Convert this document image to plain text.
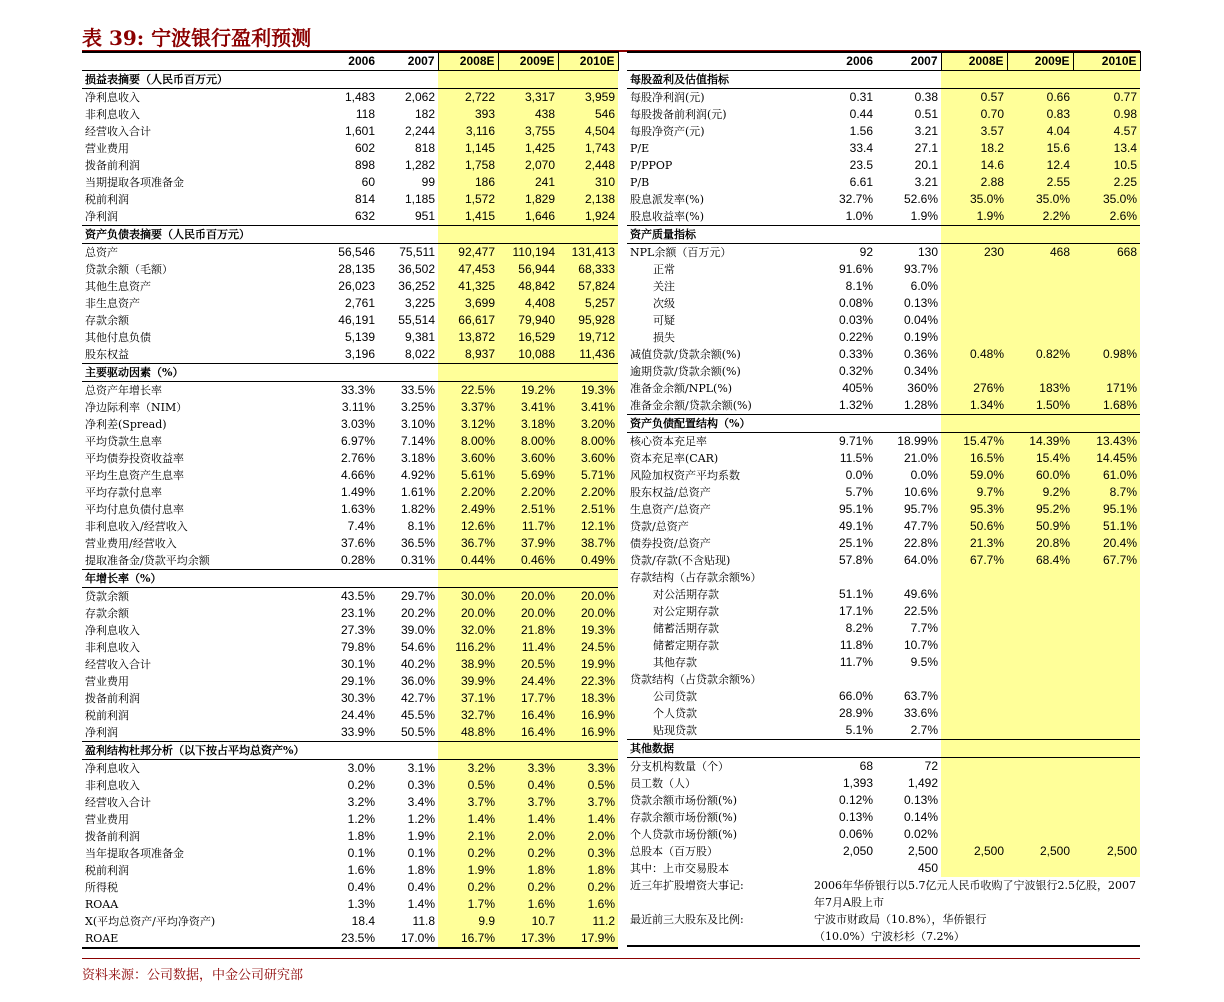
表 39: 宁波银行盈利预测
	2006	2007	2008E	2009E	2010E
损益表摘要（人民币百万元）					
净利息收入	1,483	2,062	2,722	3,317	3,959
非利息收入	118	182	393	438	546
经营收入合计	1,601	2,244	3,116	3,755	4,504
营业费用	602	818	1,145	1,425	1,743
拨备前利润	898	1,282	1,758	2,070	2,448
当期提取各项准备金	60	99	186	241	310
税前利润	814	1,185	1,572	1,829	2,138
净利润	632	951	1,415	1,646	1,924
资产负债表摘要（人民币百万元）					
总资产	56,546	75,511	92,477	110,194	131,413
贷款余额（毛额）	28,135	36,502	47,453	56,944	68,333
其他生息资产	26,023	36,252	41,325	48,842	57,824
非生息资产	2,761	3,225	3,699	4,408	5,257
存款余额	46,191	55,514	66,617	79,940	95,928
其他付息负债	5,139	9,381	13,872	16,529	19,712
股东权益	3,196	8,022	8,937	10,088	11,436
主要驱动因素（%）					
总资产年增长率	33.3%	33.5%	22.5%	19.2%	19.3%
净边际利率（NIM）	3.11%	3.25%	3.37%	3.41%	3.41%
净利差(Spread)	3.03%	3.10%	3.12%	3.18%	3.20%
平均贷款生息率	6.97%	7.14%	8.00%	8.00%	8.00%
平均债券投资收益率	2.76%	3.18%	3.60%	3.60%	3.60%
平均生息资产生息率	4.66%	4.92%	5.61%	5.69%	5.71%
平均存款付息率	1.49%	1.61%	2.20%	2.20%	2.20%
平均付息负债付息率	1.63%	1.82%	2.49%	2.51%	2.51%
非利息收入/经营收入	7.4%	8.1%	12.6%	11.7%	12.1%
营业费用/经营收入	37.6%	36.5%	36.7%	37.9%	38.7%
提取准备金/贷款平均余额	0.28%	0.31%	0.44%	0.46%	0.49%
年增长率（%）					
贷款余额	43.5%	29.7%	30.0%	20.0%	20.0%
存款余额	23.1%	20.2%	20.0%	20.0%	20.0%
净利息收入	27.3%	39.0%	32.0%	21.8%	19.3%
非利息收入	79.8%	54.6%	116.2%	11.4%	24.5%
经营收入合计	30.1%	40.2%	38.9%	20.5%	19.9%
营业费用	29.1%	36.0%	39.9%	24.4%	22.3%
拨备前利润	30.3%	42.7%	37.1%	17.7%	18.3%
税前利润	24.4%	45.5%	32.7%	16.4%	16.9%
净利润	33.9%	50.5%	48.8%	16.4%	16.9%
盈利结构杜邦分析（以下按占平均总资产%）					
净利息收入	3.0%	3.1%	3.2%	3.3%	3.3%
非利息收入	0.2%	0.3%	0.5%	0.4%	0.5%
经营收入合计	3.2%	3.4%	3.7%	3.7%	3.7%
营业费用	1.2%	1.2%	1.4%	1.4%	1.4%
拨备前利润	1.8%	1.9%	2.1%	2.0%	2.0%
当年提取各项准备金	0.1%	0.1%	0.2%	0.2%	0.3%
税前利润	1.6%	1.8%	1.9%	1.8%	1.8%
所得税	0.4%	0.4%	0.2%	0.2%	0.2%
ROAA	1.3%	1.4%	1.7%	1.6%	1.6%
X(平均总资产/平均净资产)	18.4	11.8	9.9	10.7	11.2
ROAE	23.5%	17.0%	16.7%	17.3%	17.9%
	2006	2007	2008E	2009E	2010E
每股盈利及估值指标					
每股净利润(元)	0.31	0.38	0.57	0.66	0.77
每股拨备前利润(元)	0.44	0.51	0.70	0.83	0.98
每股净资产(元)	1.56	3.21	3.57	4.04	4.57
P/E	33.4	27.1	18.2	15.6	13.4
P/PPOP	23.5	20.1	14.6	12.4	10.5
P/B	6.61	3.21	2.88	2.55	2.25
股息派发率(%)	32.7%	52.6%	35.0%	35.0%	35.0%
股息收益率(%)	1.0%	1.9%	1.9%	2.2%	2.6%
资产质量指标					
NPL余额（百万元）	92	130	230	468	668
正常	91.6%	93.7%			
关注	8.1%	6.0%			
次级	0.08%	0.13%			
可疑	0.03%	0.04%			
损失	0.22%	0.19%			
减值贷款/贷款余额(%)	0.33%	0.36%	0.48%	0.82%	0.98%
逾期贷款/贷款余额(%)	0.32%	0.34%			
准备金余额/NPL(%)	405%	360%	276%	183%	171%
准备金余额/贷款余额(%)	1.32%	1.28%	1.34%	1.50%	1.68%
资产负债配置结构（%）					
核心资本充足率	9.71%	18.99%	15.47%	14.39%	13.43%
资本充足率(CAR)	11.5%	21.0%	16.5%	15.4%	14.45%
风险加权资产平均系数	0.0%	0.0%	59.0%	60.0%	61.0%
股东权益/总资产	5.7%	10.6%	9.7%	9.2%	8.7%
生息资产/总资产	95.1%	95.7%	95.3%	95.2%	95.1%
贷款/总资产	49.1%	47.7%	50.6%	50.9%	51.1%
债券投资/总资产	25.1%	22.8%	21.3%	20.8%	20.4%
贷款/存款(不含贴现)	57.8%	64.0%	67.7%	68.4%	67.7%
存款结构（占存款余额%）					
对公活期存款	51.1%	49.6%			
对公定期存款	17.1%	22.5%			
储蓄活期存款	8.2%	7.7%			
储蓄定期存款	11.8%	10.7%			
其他存款	11.7%	9.5%			
贷款结构（占贷款余额%）					
公司贷款	66.0%	63.7%			
个人贷款	28.9%	33.6%			
贴现贷款	5.1%	2.7%			
其他数据					
分支机构数量（个）	68	72			
员工数（人）	1,393	1,492			
贷款余额市场份额(%)	0.12%	0.13%			
存款余额市场份额(%)	0.13%	0.14%			
个人贷款市场份额(%)	0.06%	0.02%			
总股本（百万股）	2,050	2,500	2,500	2,500	2,500
其中：上市交易股本		450			
近三年扩股增资大事记:	2006年华侨银行以5.7亿元人民币收购了宁波银行2.5亿股，2007年7月A股上市				
最近前三大股东及比例:	宁波市财政局（10.8%），华侨银行（10.0%）宁波杉杉（7.2%）				
资料来源：公司数据，中金公司研究部
